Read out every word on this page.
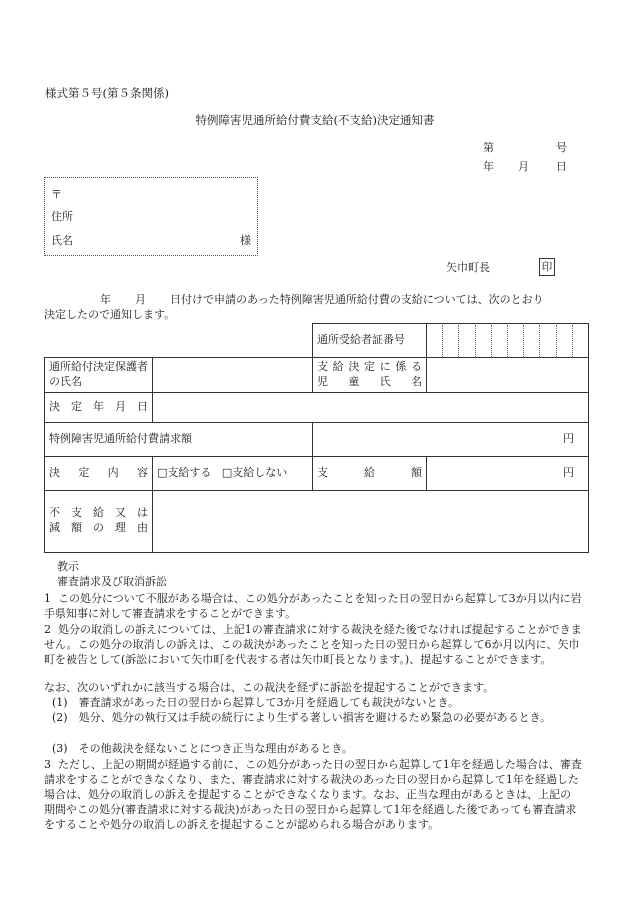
様式第５号(第５条関係)
特例障害児通所給付費支給(不支給)決定通知書
第	号
年 月 日
〒
住所
氏名	様
矢巾町長	印
年 月 日付けで申請のあった特例障害児通所給付費の支給については、次のとおり
決定したので通知します。
		通所受給者証番号	

通所給付決定保護者の氏名		支給決定に係る
児童氏名	

決定年月日			
特例障害児通所給付費請求額		円	
決定内容	□支給する □支給しない	支給額	円

不支給又は
減額の理由			

教示
審査請求及び取消訴訟
1 この処分について不服がある場合は、この処分があったことを知った日の翌日から起算して3か月以内に岩手県知事に対して審査請求をすることができます。
2 処分の取消しの訴えについては、上記1の審査請求に対する裁決を経た後でなければ提起することができません。この処分の取消しの訴えは、この裁決があったことを知った日の翌日から起算して6か月以内に、矢巾町を被告として(訴訟において矢巾町を代表する者は矢巾町長となります。)、提起することができます。
なお、次のいずれかに該当する場合は、この裁決を経ずに訴訟を提起することができます。
(1)　審査請求があった日の翌日から起算して3か月を経過しても裁決がないとき。
(2)　処分、処分の執行又は手続の続行により生ずる著しい損害を避けるため緊急の必要があるとき。
(3)　その他裁決を経ないことにつき正当な理由があるとき。
3 ただし、上記の期間が経過する前に、この処分があった日の翌日から起算して1年を経過した場合は、審査請求をすることができなくなり、また、審査請求に対する裁決のあった日の翌日から起算して1年を経過した場合は、処分の取消しの訴えを提起することができなくなります。なお、正当な理由があるときは、上記の期間やこの処分(審査請求に対する裁決)があった日の翌日から起算して1年を経過した後であっても審査請求をすることや処分の取消しの訴えを提起することが認められる場合があります。
